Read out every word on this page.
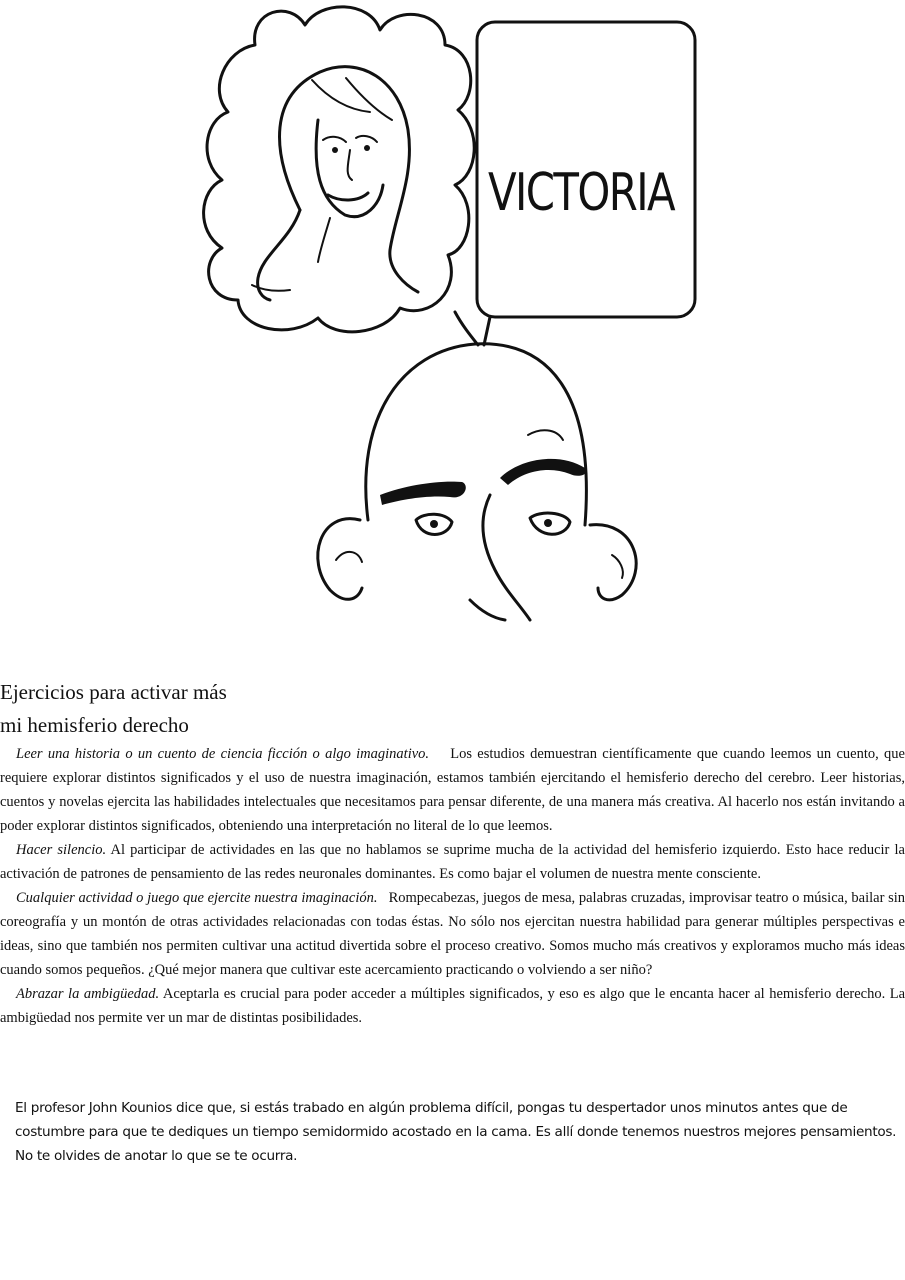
VICTORIA
Ejercicios para activar más
mi hemisferio derecho

Leer una historia o un cuento de ciencia ficción o algo imaginativo. Los estudios demuestran científicamente que cuando leemos un cuento, que requiere explorar distintos significados y el uso de nuestra imaginación, estamos también ejercitando el hemisferio derecho del cerebro. Leer historias, cuentos y novelas ejercita las habilidades intelectuales que necesitamos para pensar diferente, de una manera más creativa. Al hacerlo nos están invitando a poder explorar distintos significados, obteniendo una interpretación no literal de lo que leemos.

Hacer silencio. Al participar de actividades en las que no hablamos se suprime mucha de la actividad del hemisferio izquierdo. Esto hace reducir la activación de patrones de pensamiento de las redes neuronales dominantes. Es como bajar el volumen de nuestra mente consciente.

Cualquier actividad o juego que ejercite nuestra imaginación. Rompecabezas, juegos de mesa, palabras cruzadas, improvisar teatro o música, bailar sin coreografía y un montón de otras actividades relacionadas con todas éstas. No sólo nos ejercitan nuestra habilidad para generar múltiples perspectivas e ideas, sino que también nos permiten cultivar una actitud divertida sobre el proceso creativo. Somos mucho más creativos y exploramos mucho más ideas cuando somos pequeños. ¿Qué mejor manera que cultivar este acercamiento practicando o volviendo a ser niño?

Abrazar la ambigüedad. Aceptarla es crucial para poder acceder a múltiples significados, y eso es algo que le encanta hacer al hemisferio derecho. La ambigüedad nos permite ver un mar de distintas posibilidades.

El profesor John Kounios dice que, si estás trabado en algún problema difícil, pongas tu despertador unos minutos antes que de costumbre para que te dediques un tiempo semidormido acostado en la cama. Es allí donde tenemos nuestros mejores pensamientos. No te olvides de anotar lo que se te ocurra.
